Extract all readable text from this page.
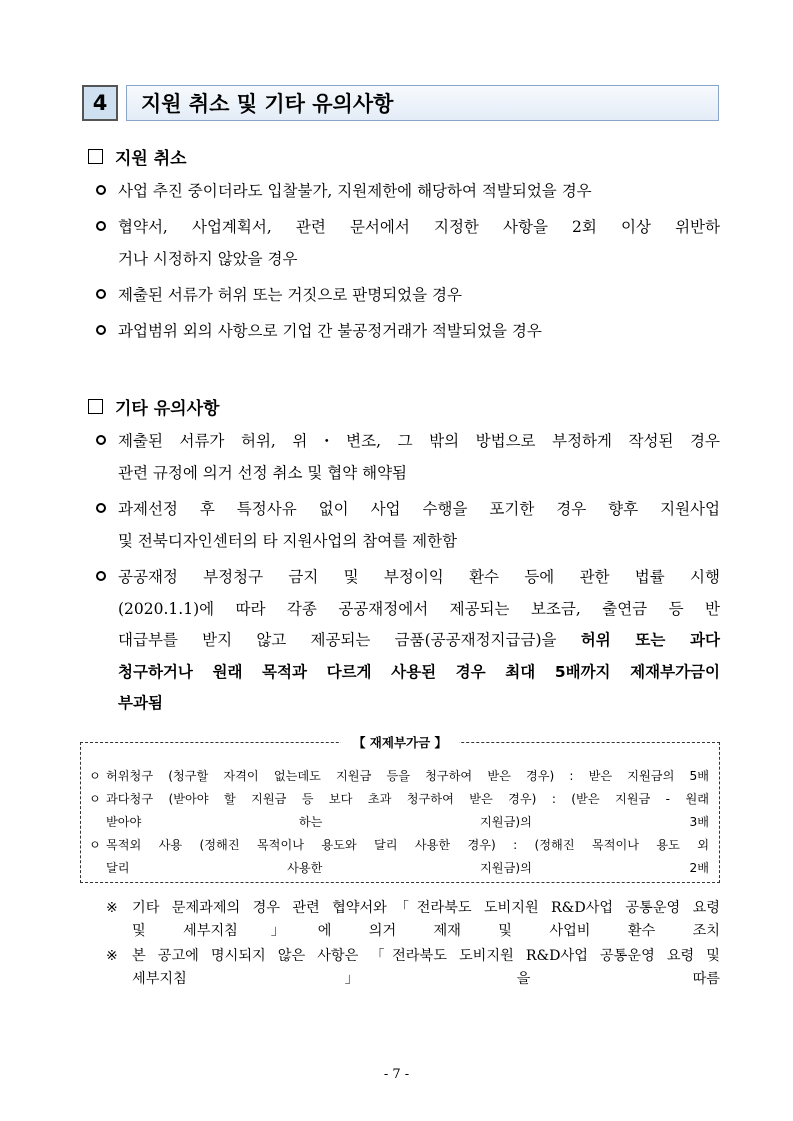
4	지원 취소 및 기타 유의사항
지원 취소
사업 추진 중이더라도 입찰불가, 지원제한에 해당하여 적발되었을 경우
협약서, 사업계획서, 관련 문서에서 지정한 사항을 2회 이상 위반하
거나 시정하지 않았을 경우
제출된 서류가 허위 또는 거짓으로 판명되었을 경우
과업범위 외의 사항으로 기업 간 불공정거래가 적발되었을 경우
기타 유의사항
제출된 서류가 허위, 위・변조, 그 밖의 방법으로 부정하게 작성된 경우
관련 규정에 의거 선정 취소 및 협약 해약됨
과제선정 후 특정사유 없이 사업 수행을 포기한 경우 향후 지원사업
및 전북디자인센터의 타 지원사업의 참여를 제한함
공공재정 부정청구 금지 및 부정이익 환수 등에 관한 법률 시행
(2020.1.1)에 따라 각종 공공재정에서 제공되는 보조금, 출연금 등 반
대급부를 받지 않고 제공되는 금품(공공재정지급금)을 허위 또는 과다
청구하거나 원래 목적과 다르게 사용된 경우 최대 5배까지 제재부가금이
부과됨
【 재제부가금 】
ㅇ 허위청구 (청구할 자격이 없는데도 지원금 등을 청구하여 받은 경우) : 받은 지원금의 5배
ㅇ 과다청구 (받아야 할 지원금 등 보다 초과 청구하여 받은 경우) : (받은 지원금 - 원래
받아야 하는 지원금)의 3배
ㅇ 목적외 사용 (정해진 목적이나 용도와 달리 사용한 경우) : (정해진 목적이나 용도 외
달리 사용한 지원금)의 2배
※ 기타 문제과제의 경우 관련 협약서와「전라북도 도비지원 R&D사업 공통운영 요령
및 세부지침」에 의거 제재 및 사업비 환수 조치
※ 본 공고에 명시되지 않은 사항은 「전라북도 도비지원 R&D사업 공통운영 요령 및
세부지침」을 따름
- 7 -
